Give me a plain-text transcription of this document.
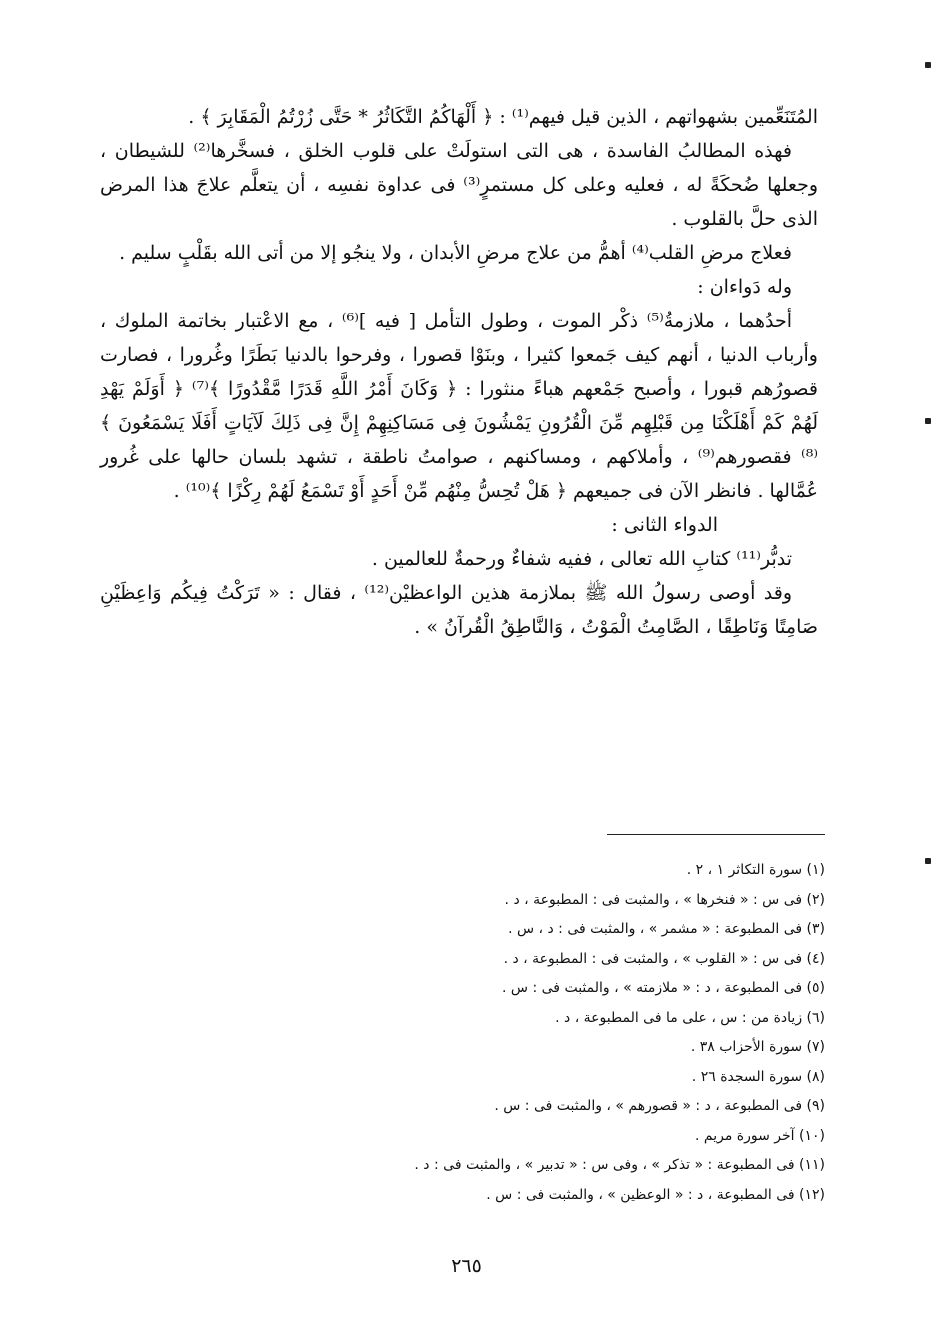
المُتَنَعِّمين بشهواتهم ، الذين قيل فيهم⁽¹⁾ : ﴿ أَلْهَاكُمُ التَّكَاثُرُ * حَتَّى زُرْتُمُ الْمَقَابِرَ ﴾ .

فهذه المطالبُ الفاسدة ، هى التى استولَتْ على قلوب الخلق ، فسخَّرها⁽²⁾ للشيطان ، وجعلها ضُحكَةً له ، فعليه وعلى كل مستمرٍ⁽³⁾ فى عداوة نفسِه ، أن يتعلَّم علاجَ هذا المرض الذى حلَّ بالقلوب .

فعلاج مرضِ القلب⁽⁴⁾ أهمُّ من علاج مرضِ الأبدان ، ولا ينجُو إلا من أتى الله بقَلْبٍ سليم .

وله دَواءان :

أحدُهما ، ملازمةُ⁽⁵⁾ ذكْر الموت ، وطول التأمل [ فيه ]⁽⁶⁾ ، مع الاعْتبار بخاتمة الملوك ، وأرباب الدنيا ، أنهم كيف جَمعوا كثيرا ، وبنَوْا قصورا ، وفرحوا بالدنيا بَطَرًا وغُرورا ، فصارت قصورُهم قبورا ، وأصبح جَمْعهم هباءً منثورا : ﴿ وَكَانَ أَمْرُ اللَّهِ قَدَرًا مَّقْدُورًا ﴾⁽⁷⁾ ﴿ أَوَلَمْ يَهْدِ لَهُمْ كَمْ أَهْلَكْنَا مِن قَبْلِهِم مِّنَ الْقُرُونِ يَمْشُونَ فِى مَسَاكِنِهِمْ إِنَّ فِى ذَلِكَ لَآيَاتٍ أَفَلَا يَسْمَعُونَ ﴾⁽⁸⁾ فقصورهم⁽⁹⁾ ، وأملاكهم ، ومساكنهم ، صوامتُ ناطقة ، تشهد بلسان حالها على غُرور عُمَّالها . فانظر الآن فى جميعهم ﴿ هَلْ تُحِسُّ مِنْهُم مِّنْ أَحَدٍ أَوْ تَسْمَعُ لَهُمْ رِكْزًا ﴾⁽¹⁰⁾ .

الدواء الثانى :

تدبُّر⁽¹¹⁾ كتابِ الله تعالى ، ففيه شفاءٌ ورحمةٌ للعالمين .

وقد أوصى رسولُ الله ﷺ بملازمة هذين الواعظيْن⁽¹²⁾ ، فقال : « تَرَكْتُ فِيكُم وَاعِظَيْنِ صَامِتًا وَنَاطِقًا ، الصَّامِتُ الْمَوْتُ ، وَالنَّاطِقُ الْقُرآنُ » .

(١) سورة التكاثر ١ ، ٢ .
(٢) فى س : « فنخرها » ، والمثبت فى : المطبوعة ، د .
(٣) فى المطبوعة : « مشمر » ، والمثبت فى : د ، س .
(٤) فى س : « القلوب » ، والمثبت فى : المطبوعة ، د .
(٥) فى المطبوعة ، د : « ملازمته » ، والمثبت فى : س .
(٦) زيادة من : س ، على ما فى المطبوعة ، د .
(٧) سورة الأحزاب ٣٨ .
(٨) سورة السجدة ٢٦ .
(٩) فى المطبوعة ، د : « قصورهم » ، والمثبت فى : س .
(١٠) آخر سورة مريم .
(١١) فى المطبوعة : « تذكر » ، وفى س : « تدبير » ، والمثبت فى : د .
(١٢) فى المطبوعة ، د : « الوعظين » ، والمثبت فى : س .
٢٦٥
